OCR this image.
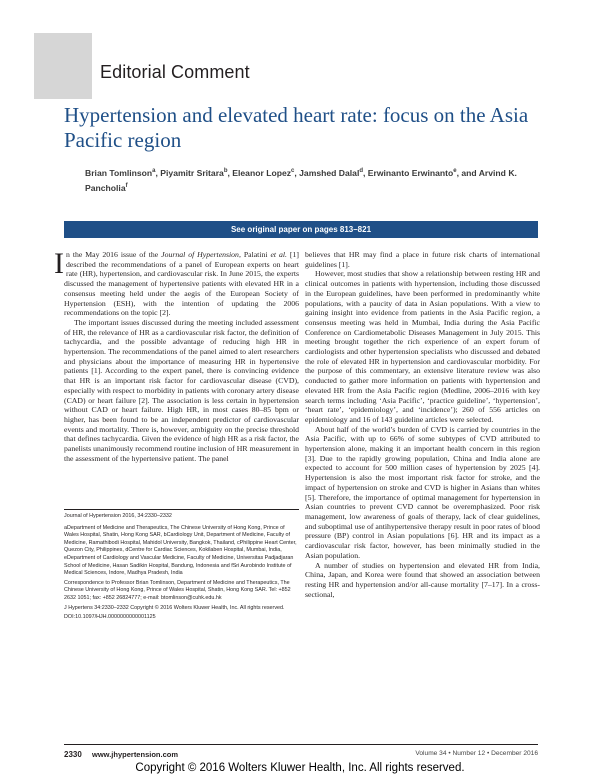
Editorial Comment
Hypertension and elevated heart rate: focus on the Asia Pacific region
Brian Tomlinson$^a$, Piyamitr Sritara$^b$, Eleanor Lopez$^c$, Jamshed Dalal$^d$, Erwinanto Erwinanto$^e$, and Arvind K. Pancholia$^f$
See original paper on pages 813–821

In the May 2016 issue of the Journal of Hypertension, Palatini et al. [1] described the recommendations of a panel of European experts on heart rate (HR), hypertension, and cardiovascular risk. In June 2015, the experts discussed the management of hypertensive patients with elevated HR in a consensus meeting held under the aegis of the European Society of Hypertension (ESH), with the intention of updating the 2006 recommendations on the topic [2].

The important issues discussed during the meeting included assessment of HR, the relevance of HR as a cardiovascular risk factor, the definition of tachycardia, and the possible advantage of reducing high HR in hypertension. The recommendations of the panel aimed to alert researchers and physicians about the importance of measuring HR in hypertensive patients [1]. According to the expert panel, there is convincing evidence that HR is an important risk factor for cardiovascular disease (CVD), especially with respect to morbidity in patients with coronary artery disease (CAD) or heart failure [2]. The association is less certain in hypertension without CAD or heart failure. High HR, in most cases 80–85 bpm or higher, has been found to be an independent predictor of cardiovascular events and mortality. There is, however, ambiguity on the precise threshold that defines tachycardia. Given the evidence of high HR as a risk factor, the panelists unanimously recommend routine inclusion of HR measurement in the assessment of the hypertensive patient. The panel

believes that HR may find a place in future risk charts of international guidelines [1].

However, most studies that show a relationship between resting HR and clinical outcomes in patients with hypertension, including those discussed in the European guidelines, have been performed in predominantly white populations, with a paucity of data in Asian populations. With a view to gaining insight into evidence from patients in the Asia Pacific region, a consensus meeting was held in Mumbai, India during the Asia Pacific Conference on Cardiometabolic Diseases Management in July 2015. This meeting brought together the rich experience of an expert forum of cardiologists and other hypertension specialists who discussed and debated the role of elevated HR in hypertension and cardiovascular morbidity. For the purpose of this commentary, an extensive literature review was also conducted to gather more information on patients with hypertension and elevated HR from the Asia Pacific region (Medline, 2006–2016 with key search terms including ‘Asia Pacific’, ‘practice guideline’, ‘hypertension’, ‘heart rate’, ‘epidemiology’, and ‘incidence’); 260 of 556 articles on epidemiology and 16 of 143 guideline articles were selected.

About half of the world’s burden of CVD is carried by countries in the Asia Pacific, with up to 66% of some subtypes of CVD attributed to hypertension alone, making it an important health concern in this region [3]. Due to the rapidly growing population, China and India alone are expected to account for 500 million cases of hypertension by 2025 [4]. Hypertension is also the most important risk factor for stroke, and the impact of hypertension on stroke and CVD is higher in Asians than whites [5]. Therefore, the importance of optimal management for hypertension in Asian countries to prevent CVD cannot be overemphasized. Poor risk management, low awareness of goals of therapy, lack of clear guidelines, and suboptimal use of antihypertensive therapy result in poor rates of blood pressure (BP) control in Asian populations [6]. HR and its impact as a cardiovascular risk factor, however, has been minimally studied in the Asian population.

A number of studies on hypertension and elevated HR from India, China, Japan, and Korea were found that showed an association between resting HR and hypertension and/or all-cause mortality [7–17]. In a cross-sectional,

Journal of Hypertension 2016, 34:2330–2332
aDepartment of Medicine and Therapeutics, The Chinese University of Hong Kong, Prince of Wales Hospital, Shatin, Hong Kong SAR, bCardiology Unit, Department of Medicine, Faculty of Medicine, Ramathibodi Hospital, Mahidol University, Bangkok, Thailand, cPhilippine Heart Center, Quezon City, Philippines, dCentre for Cardiac Sciences, Kokilaben Hospital, Mumbai, India, eDepartment of Cardiology and Vascular Medicine, Faculty of Medicine, Universitas Padjadjaran School of Medicine, Hasan Sadikin Hospital, Bandung, Indonesia and fSri Aurobindo Institute of Medical Sciences, Indore, Madhya Pradesh, India
Correspondence to Professor Brian Tomlinson, Department of Medicine and Therapeutics, The Chinese University of Hong Kong, Prince of Wales Hospital, Shatin, Hong Kong SAR. Tel: +852 2632 1051; fax: +852 26824777; e-mail: btomlinson@cuhk.edu.hk
J Hypertens 34:2330–2332 Copyright © 2016 Wolters Kluwer Health, Inc. All rights reserved.
DOI:10.1097/HJH.0000000000001125
2330 www.jhypertension.com	Volume 34 • Number 12 • December 2016
Copyright © 2016 Wolters Kluwer Health, Inc. All rights reserved.
